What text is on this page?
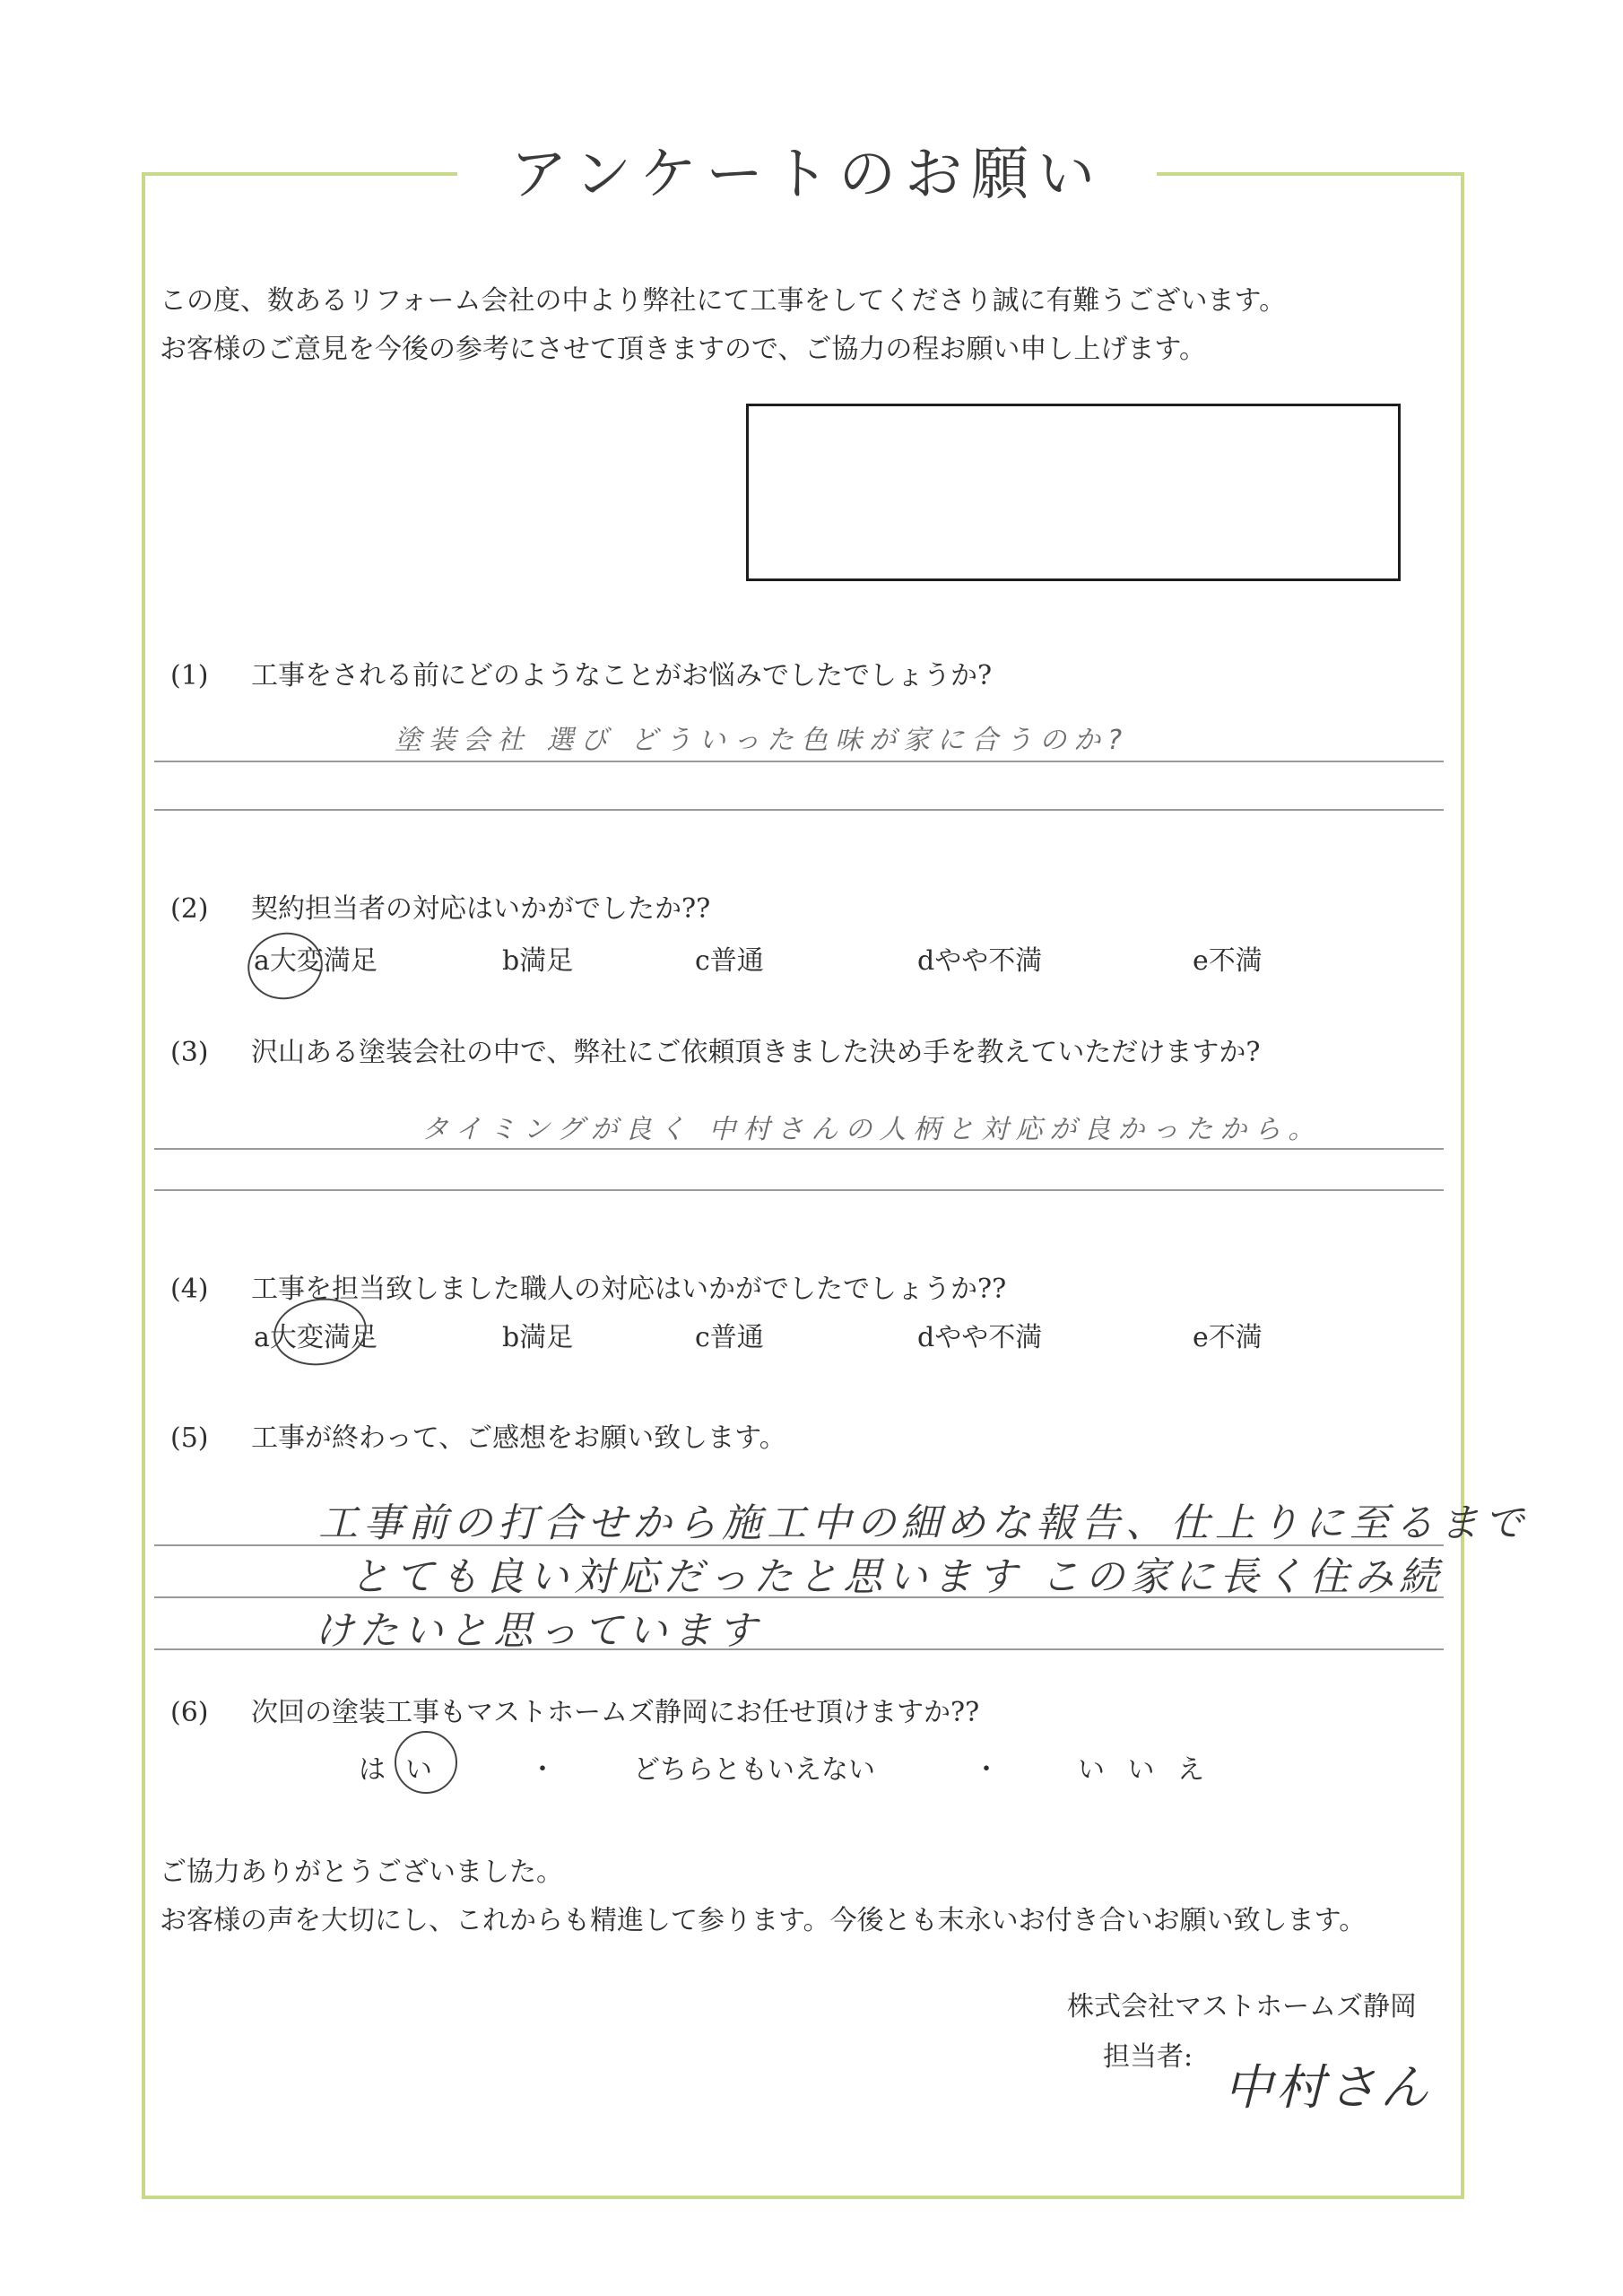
アンケートのお願い
この度、数あるリフォーム会社の中より弊社にて工事をしてくださり誠に有難うございます。
お客様のご意見を今後の参考にさせて頂きますので、ご協力の程お願い申し上げます。
(1) 工事をされる前にどのようなことがお悩みでしたでしょうか?
塗装会社 選び どういった色味が家に合うのか?
(2) 契約担当者の対応はいかがでしたか??
a大変満足	b満足	c普通	dやや不満	e不満
(3) 沢山ある塗装会社の中で、弊社にご依頼頂きました決め手を教えていただけますか?
タイミングが良く 中村さんの人柄と対応が良かったから。
(4) 工事を担当致しました職人の対応はいかがでしたでしょうか??
a大変満足	b満足	c普通	dやや不満	e不満
(5) 工事が終わって、ご感想をお願い致します。
工事前の打合せから施工中の細めな報告、仕上りに至るまで
とても良い対応だったと思います この家に長く住み続
けたいと思っています
(6) 次回の塗装工事もマストホームズ静岡にお任せ頂けますか??
はい	・	どちらともいえない	・	い い え
ご協力ありがとうございました。
お客様の声を大切にし、これからも精進して参ります。今後とも末永いお付き合いお願い致します。
株式会社マストホームズ静岡
担当者:
中村さん
